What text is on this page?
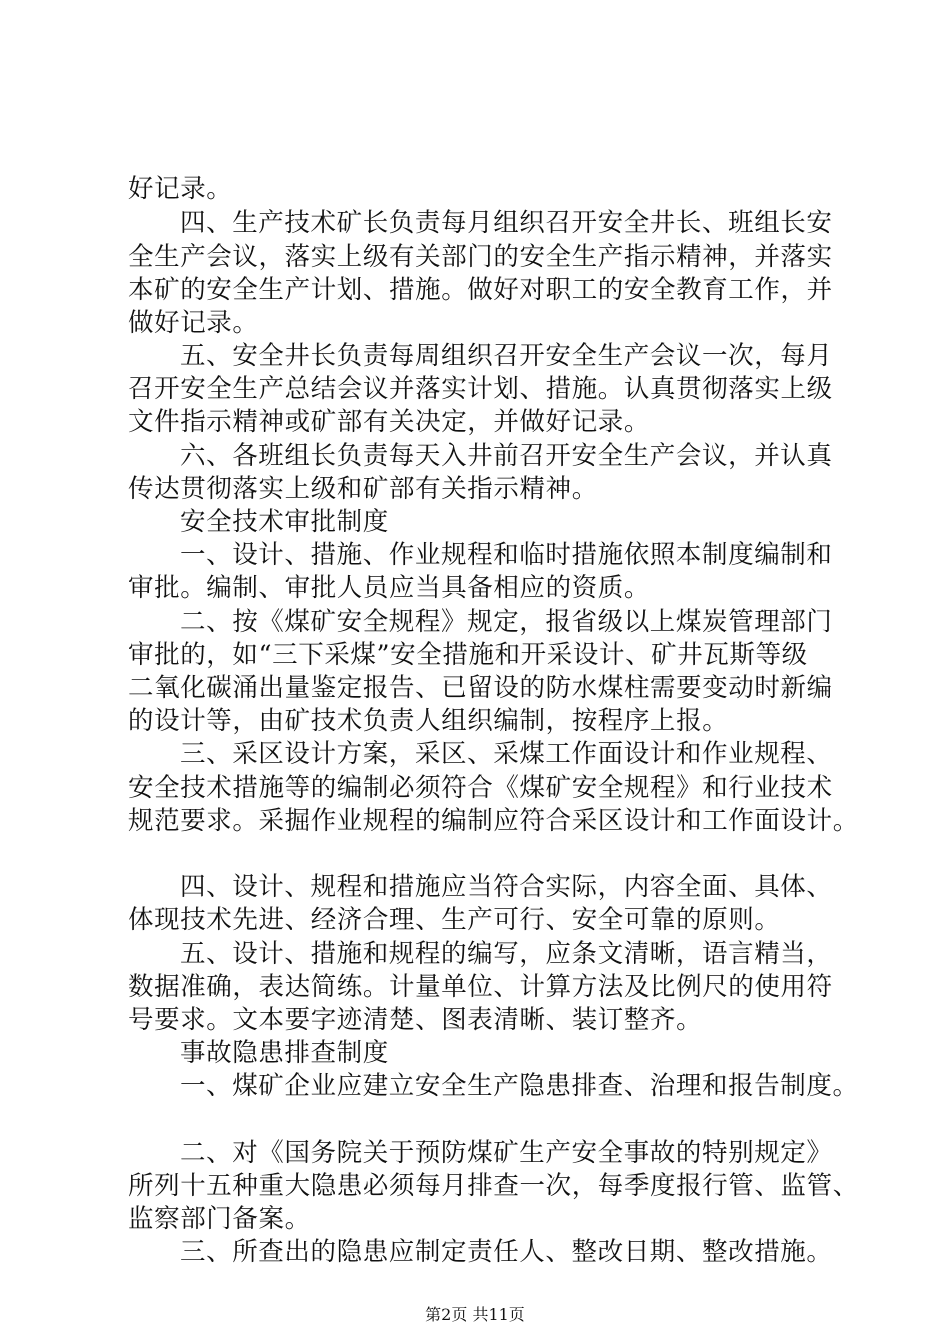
好记录。
四、生产技术矿长负责每月组织召开安全井长、班组长安
全生产会议，落实上级有关部门的安全生产指示精神，并落实
本矿的安全生产计划、措施。做好对职工的安全教育工作，并
做好记录。
五、安全井长负责每周组织召开安全生产会议一次，每月
召开安全生产总结会议并落实计划、措施。认真贯彻落实上级
文件指示精神或矿部有关决定，并做好记录。
六、各班组长负责每天入井前召开安全生产会议，并认真
传达贯彻落实上级和矿部有关指示精神。
安全技术审批制度
一、设计、措施、作业规程和临时措施依照本制度编制和
审批。编制、审批人员应当具备相应的资质。
二、按《煤矿安全规程》规定，报省级以上煤炭管理部门
审批的，如“三下采煤”安全措施和开采设计、矿井瓦斯等级
二氧化碳涌出量鉴定报告、已留设的防水煤柱需要变动时新编
的设计等，由矿技术负责人组织编制，按程序上报。
三、采区设计方案，采区、采煤工作面设计和作业规程、
安全技术措施等的编制必须符合《煤矿安全规程》和行业技术
规范要求。采掘作业规程的编制应符合采区设计和工作面设计。
四、设计、规程和措施应当符合实际，内容全面、具体、
体现技术先进、经济合理、生产可行、安全可靠的原则。
五、设计、措施和规程的编写，应条文清晰，语言精当，
数据准确，表达简练。计量单位、计算方法及比例尺的使用符
号要求。文本要字迹清楚、图表清晰、装订整齐。
事故隐患排查制度
一、煤矿企业应建立安全生产隐患排查、治理和报告制度。
二、对《国务院关于预防煤矿生产安全事故的特别规定》
所列十五种重大隐患必须每月排查一次，每季度报行管、监管、
监察部门备案。
三、所查出的隐患应制定责任人、整改日期、整改措施。
第2页 共11页
